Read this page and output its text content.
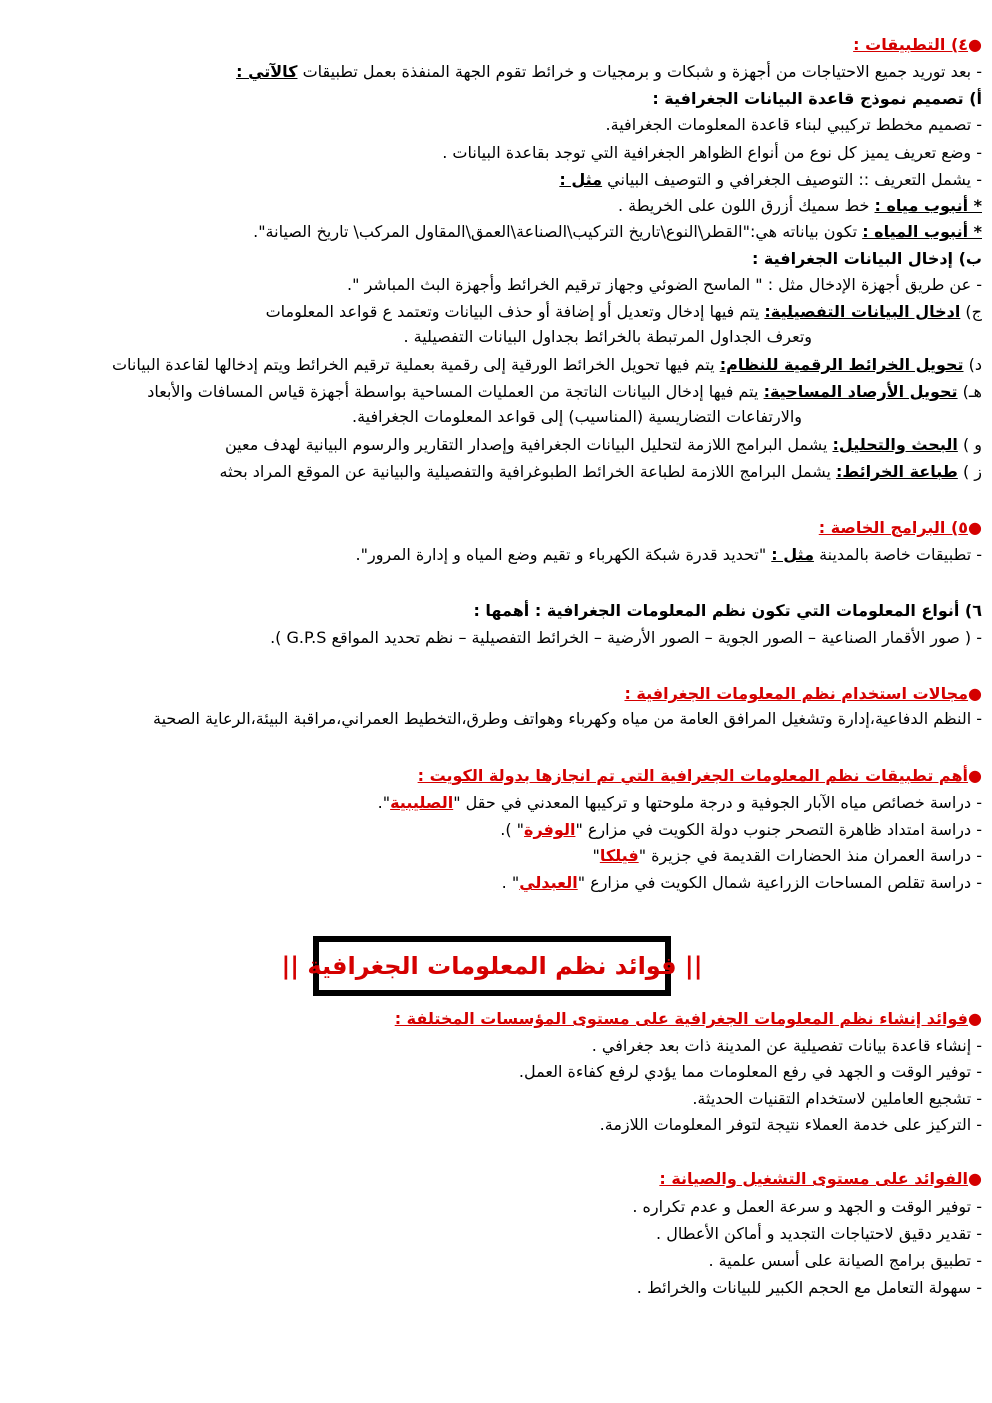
●٤) التطبيقات :
- بعد توريد جميع الاحتياجات من أجهزة و شبكات و برمجيات و خرائط تقوم الجهة المنفذة بعمل تطبيقات كالآتي :
أ) تصميم نموذج قاعدة البيانات الجغرافية :
- تصميم مخطط تركيبي لبناء قاعدة المعلومات الجغرافية.
- وضع تعريف يميز كل نوع من أنواع الظواهر الجغرافية التي توجد بقاعدة البيانات .
- يشمل التعريف :: التوصيف الجغرافي و التوصيف البياني مثل :
* أنبوب مياه : خط سميك أزرق اللون على الخريطة .
* أنبوب المياه : تكون بياناته هي:"القطر\النوع\تاريخ التركيب\الصناعة\العمق\المقاول المركب\ تاريخ الصيانة".
ب) إدخال البيانات الجغرافية :
- عن طريق أجهزة الإدخال مثل : " الماسح الضوئي وجهاز ترقيم الخرائط وأجهزة البث المباشر ".
ج) ادخال البيانات التفصيلية: يتم فيها إدخال وتعديل أو إضافة أو حذف البيانات وتعتمد ع قواعد المعلومات
وتعرف الجداول المرتبطة بالخرائط بجداول البيانات التفصيلية .
د) تحويل الخرائط الرقمية للنظام: يتم فيها تحويل الخرائط الورقية إلى رقمية بعملية ترقيم الخرائط ويتم إدخالها لقاعدة البيانات
هـ) تحويل الأرصاد المساحية: يتم فيها إدخال البيانات الناتجة من العمليات المساحية بواسطة أجهزة قياس المسافات والأبعاد
والارتفاعات التضاريسية (المناسيب) إلى قواعد المعلومات الجغرافية.
و ) البحث والتحليل: يشمل البرامج اللازمة لتحليل البيانات الجغرافية وإصدار التقارير والرسوم البيانية لهدف معين
ز ) طباعة الخرائط: يشمل البرامج اللازمة لطباعة الخرائط الطبوغرافية والتفصيلية والبيانية عن الموقع المراد بحثه
●٥) البرامج الخاصة :
- تطبيقات خاصة بالمدينة مثل : "تحديد قدرة شبكة الكهرباء و تقيم وضع المياه و إدارة المرور".
٦) أنواع المعلومات التي تكون نظم المعلومات الجغرافية : أهمها :
- ( صور الأقمار الصناعية – الصور الجوية – الصور الأرضية – الخرائط التفصيلية – نظم تحديد المواقع G.P.S ).
●مجالات استخدام نظم المعلومات الجغرافية :
- النظم الدفاعية،إدارة وتشغيل المرافق العامة من مياه وكهرباء وهواتف وطرق،التخطيط العمراني،مراقبة البيئة،الرعاية الصحية
●أهم تطبيقات نظم المعلومات الجغرافية التي تم انجازها بدولة الكويت :
- دراسة خصائص مياه الآبار الجوفية و درجة ملوحتها و تركيبها المعدني في حقل "الصليبية".
- دراسة امتداد ظاهرة التصحر جنوب دولة الكويت في مزارع "الوفرة" ).
- دراسة العمران منذ الحضارات القديمة في جزيرة "فيلكا"
- دراسة تقلص المساحات الزراعية شمال الكويت في مزارع "العبدلي" .
|| فوائد نظم المعلومات الجغرافية ||
●فوائد إنشاء نظم المعلومات الجغرافية على مستوى المؤسسات المختلفة :
- إنشاء قاعدة بيانات تفصيلية عن المدينة ذات بعد جغرافي .
- توفير الوقت و الجهد في رفع المعلومات مما يؤدي لرفع كفاءة العمل.
- تشجيع العاملين لاستخدام التقنيات الحديثة.
- التركيز على خدمة العملاء نتيجة لتوفر المعلومات اللازمة.
●الفوائد على مستوى التشغيل والصيانة :
- توفير الوقت و الجهد و سرعة العمل و عدم تكراره .
- تقدير دقيق لاحتياجات التجديد و أماكن الأعطال .
- تطبيق برامج الصيانة على أسس علمية .
- سهولة التعامل مع الحجم الكبير للبيانات والخرائط .
